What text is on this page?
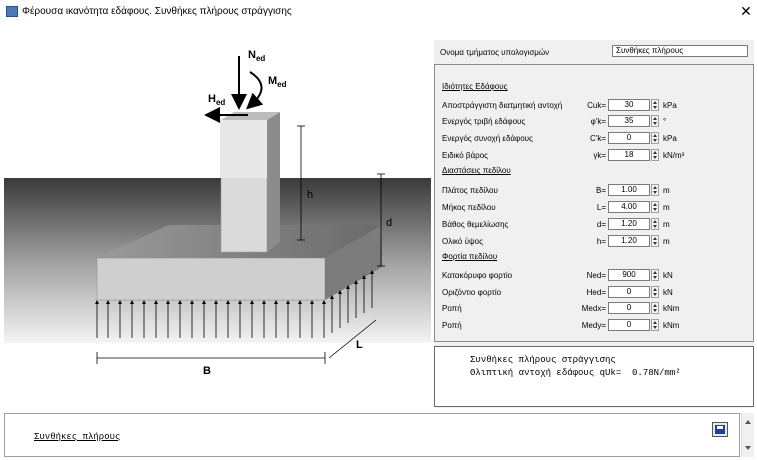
Φέρουσα ικανότητα εδάφους. Συνθήκες πλήρους στράγγισης	✕
$N_{ed}$
$M_{ed}$
$H_{ed}$
h
d
B
L
Ονομα τμήματος υπολογισμών	Συνθήκες πλήρους
Ιδιότητες Εδάφους
Αποστράγγιστη διατμητική αντοχή	Cuk=	30	kPa
Ενεργός τριβή εδάφους	φ'k=	35	°
Ενεργός συνοχή εδάφους	C'k=	0	kPa
Ειδικό βάρος	γk=	18	kN/m³
Διαστάσεις πεδίλου
Πλάτος πεδίλου	B=	1.00	m
Μήκος πεδίλου	L=	4.00	m
Βάθος θεμελίωσης	d=	1.20	m
Ολικό ύψος	h=	1.20	m
Φορτία πεδίλου
Κατακόρυφο φορτίο	Ned=	900	kN
Οριζόντιο φορτίο	Hed=	0	kN
Ροπή	Medx=	0	kNm
Ροπή	Medy=	0	kNm
Συνθήκες πλήρους στράγγισης
Θλιπτική αντοχή εδάφους qUk=  0.78N/mm²
Συνθήκες πλήρους
